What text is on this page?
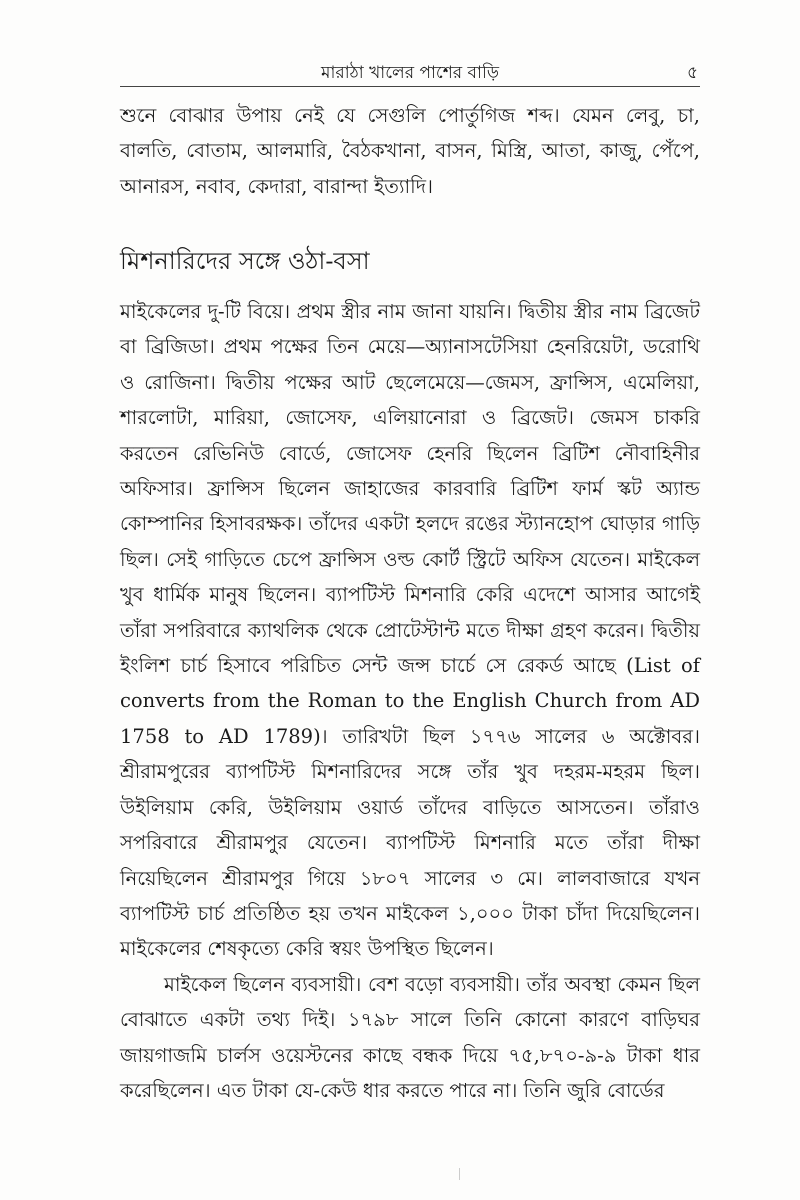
মারাঠা খালের পাশের বাড়ি	৫

শুনে বোঝার উপায় নেই যে সেগুলি পোর্তুগিজ শব্দ। যেমন লেবু, চা, বালতি, বোতাম, আলমারি, বৈঠকখানা, বাসন, মিস্ত্রি, আতা, কাজু, পেঁপে, আনারস, নবাব, কেদারা, বারান্দা ইত্যাদি।

মিশনারিদের সঙ্গে ওঠা-বসা

মাইকেলের দু-টি বিয়ে। প্রথম স্ত্রীর নাম জানা যায়নি। দ্বিতীয় স্ত্রীর নাম ব্রিজেট বা ব্রিজিডা। প্রথম পক্ষের তিন মেয়ে—অ্যানাসটেসিয়া হেনরিয়েটা, ডরোথি ও রোজিনা। দ্বিতীয় পক্ষের আট ছেলেমেয়ে—জেমস, ফ্রান্সিস, এমেলিয়া, শারলোটা, মারিয়া, জোসেফ, এলিয়ানোরা ও ব্রিজেট। জেমস চাকরি করতেন রেভিনিউ বোর্ডে, জোসেফ হেনরি ছিলেন ব্রিটিশ নৌবাহিনীর অফিসার। ফ্রান্সিস ছিলেন জাহাজের কারবারি ব্রিটিশ ফার্ম স্কট অ্যান্ড কোম্পানির হিসাবরক্ষক। তাঁদের একটা হলদে রঙের স্ট্যানহোপ ঘোড়ার গাড়ি ছিল। সেই গাড়িতে চেপে ফ্রান্সিস ওল্ড কোর্ট স্ট্রিটে অফিস যেতেন। মাইকেল খুব ধার্মিক মানুষ ছিলেন। ব্যাপটিস্ট মিশনারি কেরি এদেশে আসার আগেই তাঁরা সপরিবারে ক্যাথলিক থেকে প্রোটেস্টান্ট মতে দীক্ষা গ্রহণ করেন। দ্বিতীয় ইংলিশ চার্চ হিসাবে পরিচিত সেন্ট জন্স চার্চে সে রেকর্ড আছে (List of converts from the Roman to the English Church from AD 1758 to AD 1789)। তারিখটা ছিল ১৭৭৬ সালের ৬ অক্টোবর। শ্রীরামপুরের ব্যাপটিস্ট মিশনারিদের সঙ্গে তাঁর খুব দহরম-মহরম ছিল। উইলিয়াম কেরি, উইলিয়াম ওয়ার্ড তাঁদের বাড়িতে আসতেন। তাঁরাও সপরিবারে শ্রীরামপুর যেতেন। ব্যাপটিস্ট মিশনারি মতে তাঁরা দীক্ষা নিয়েছিলেন শ্রীরামপুর গিয়ে ১৮০৭ সালের ৩ মে। লালবাজারে যখন ব্যাপটিস্ট চার্চ প্রতিষ্ঠিত হয় তখন মাইকেল ১,০০০ টাকা চাঁদা দিয়েছিলেন। মাইকেলের শেষকৃত্যে কেরি স্বয়ং উপস্থিত ছিলেন।

মাইকেল ছিলেন ব্যবসায়ী। বেশ বড়ো ব্যবসায়ী। তাঁর অবস্থা কেমন ছিল বোঝাতে একটা তথ্য দিই। ১৭৯৮ সালে তিনি কোনো কারণে বাড়িঘর জায়গাজমি চার্লস ওয়েস্টনের কাছে বন্ধক দিয়ে ৭৫,৮৭০-৯-৯ টাকা ধার করেছিলেন। এত টাকা যে-কেউ ধার করতে পারে না। তিনি জুরি বোর্ডের
